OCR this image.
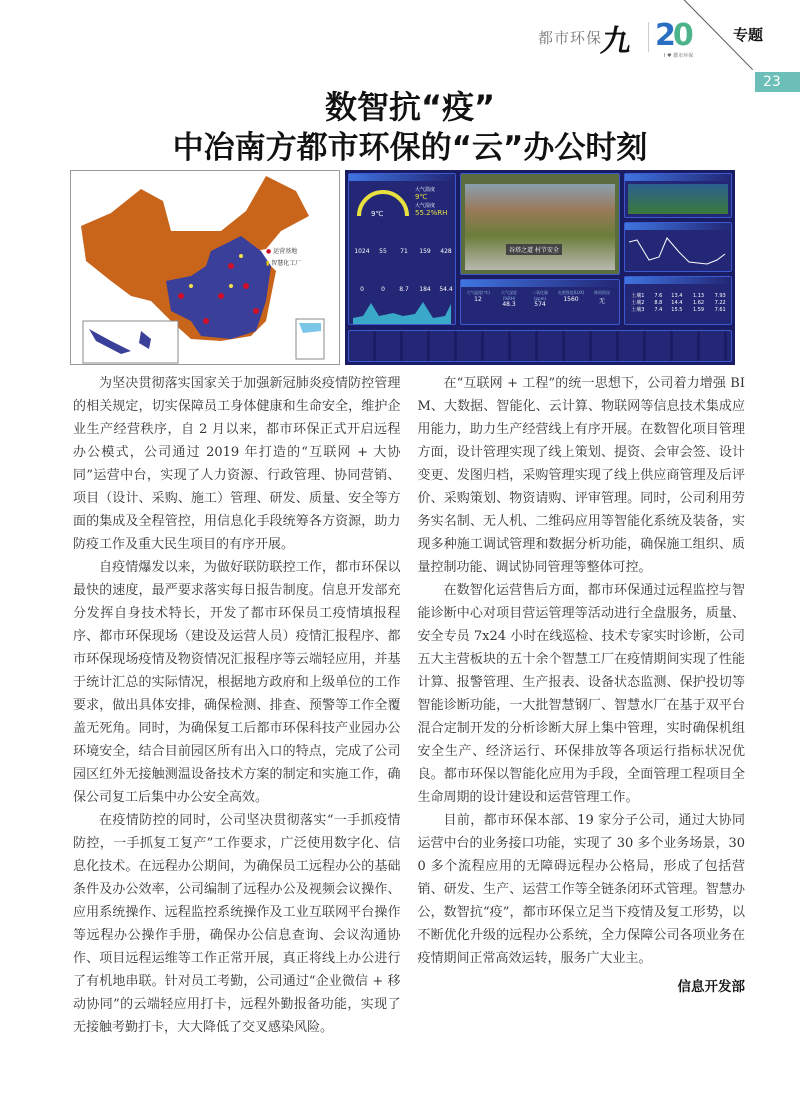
都市环保
九 20
I ♥ 都市环保
专题
23
数智抗“疫”
中冶南方都市环保的“云”办公时刻
● 运营基地
▮ 智慧化工厂
9℃
大气温度
9℃
大气湿度
55.2%RH
1024	55	71	159	428
0	0	8.7	184	54.4
谷塔之道 村节安全
大气温度(℃)
12
大气湿度(%RH)
48.3
二氧化碳(ppm)
574
光照强度(LUX)
1560
降雨情况
无
土壤1	7.6	13.4	1.13	7.93
土壤2	8.8	14.4	1.62	7.22
土壤3	7.4	15.5	1.59	7.61

为坚决贯彻落实国家关于加强新冠肺炎疫情防控管理的相关规定，切实保障员工身体健康和生命安全，维护企业生产经营秩序，自 2 月以来，都市环保正式开启远程办公模式，公司通过 2019 年打造的“互联网 + 大协同”运营中台，实现了人力资源、行政管理、协同营销、项目（设计、采购、施工）管理、研发、质量、安全等方面的集成及全程管控，用信息化手段统筹各方资源，助力防疫工作及重大民生项目的有序开展。

自疫情爆发以来，为做好联防联控工作，都市环保以最快的速度，最严要求落实每日报告制度。信息开发部充分发挥自身技术特长，开发了都市环保员工疫情填报程序、都市环保现场（建设及运营人员）疫情汇报程序、都市环保现场疫情及物资情况汇报程序等云端轻应用，并基于统计汇总的实际情况，根据地方政府和上级单位的工作要求，做出具体安排，确保检测、排查、预警等工作全覆盖无死角。同时，为确保复工后都市环保科技产业园办公环境安全，结合目前园区所有出入口的特点，完成了公司园区红外无接触测温设备技术方案的制定和实施工作，确保公司复工后集中办公安全高效。

在疫情防控的同时，公司坚决贯彻落实“一手抓疫情防控，一手抓复工复产”工作要求，广泛使用数字化、信息化技术。在远程办公期间，为确保员工远程办公的基础条件及办公效率，公司编制了远程办公及视频会议操作、应用系统操作、远程监控系统操作及工业互联网平台操作等远程办公操作手册，确保办公信息查询、会议沟通协作、项目远程运维等工作正常开展，真正将线上办公进行了有机地串联。针对员工考勤，公司通过“企业微信 + 移动协同”的云端轻应用打卡，远程外勤报备功能，实现了无接触考勤打卡，大大降低了交叉感染风险。

在“互联网 + 工程”的统一思想下，公司着力增强 BIM、大数据、智能化、云计算、物联网等信息技术集成应用能力，助力生产经营线上有序开展。在数智化项目管理方面，设计管理实现了线上策划、提资、会审会签、设计变更、发图归档，采购管理实现了线上供应商管理及后评价、采购策划、物资请购、评审管理。同时，公司利用劳务实名制、无人机、二维码应用等智能化系统及装备，实现多种施工调试管理和数据分析功能，确保施工组织、质量控制功能、调试协同管理等整体可控。

在数智化运营售后方面，都市环保通过远程监控与智能诊断中心对项目营运管理等活动进行全盘服务，质量、安全专员 7x24 小时在线巡检、技术专家实时诊断，公司五大主营板块的五十余个智慧工厂在疫情期间实现了性能计算、报警管理、生产报表、设备状态监测、保护投切等智能诊断功能，一大批智慧钢厂、智慧水厂在基于双平台混合定制开发的分析诊断大屏上集中管理，实时确保机组安全生产、经济运行、环保排放等各项运行指标状况优良。都市环保以智能化应用为手段，全面管理工程项目全生命周期的设计建设和运营管理工作。

目前，都市环保本部、19 家分子公司，通过大协同运营中台的业务接口功能，实现了 30 多个业务场景，300 多个流程应用的无障碍远程办公格局，形成了包括营销、研发、生产、运营工作等全链条闭环式管理。智慧办公，数智抗“疫”，都市环保立足当下疫情及复工形势，以不断优化升级的远程办公系统，全力保障公司各项业务在疫情期间正常高效运转，服务广大业主。

信息开发部
